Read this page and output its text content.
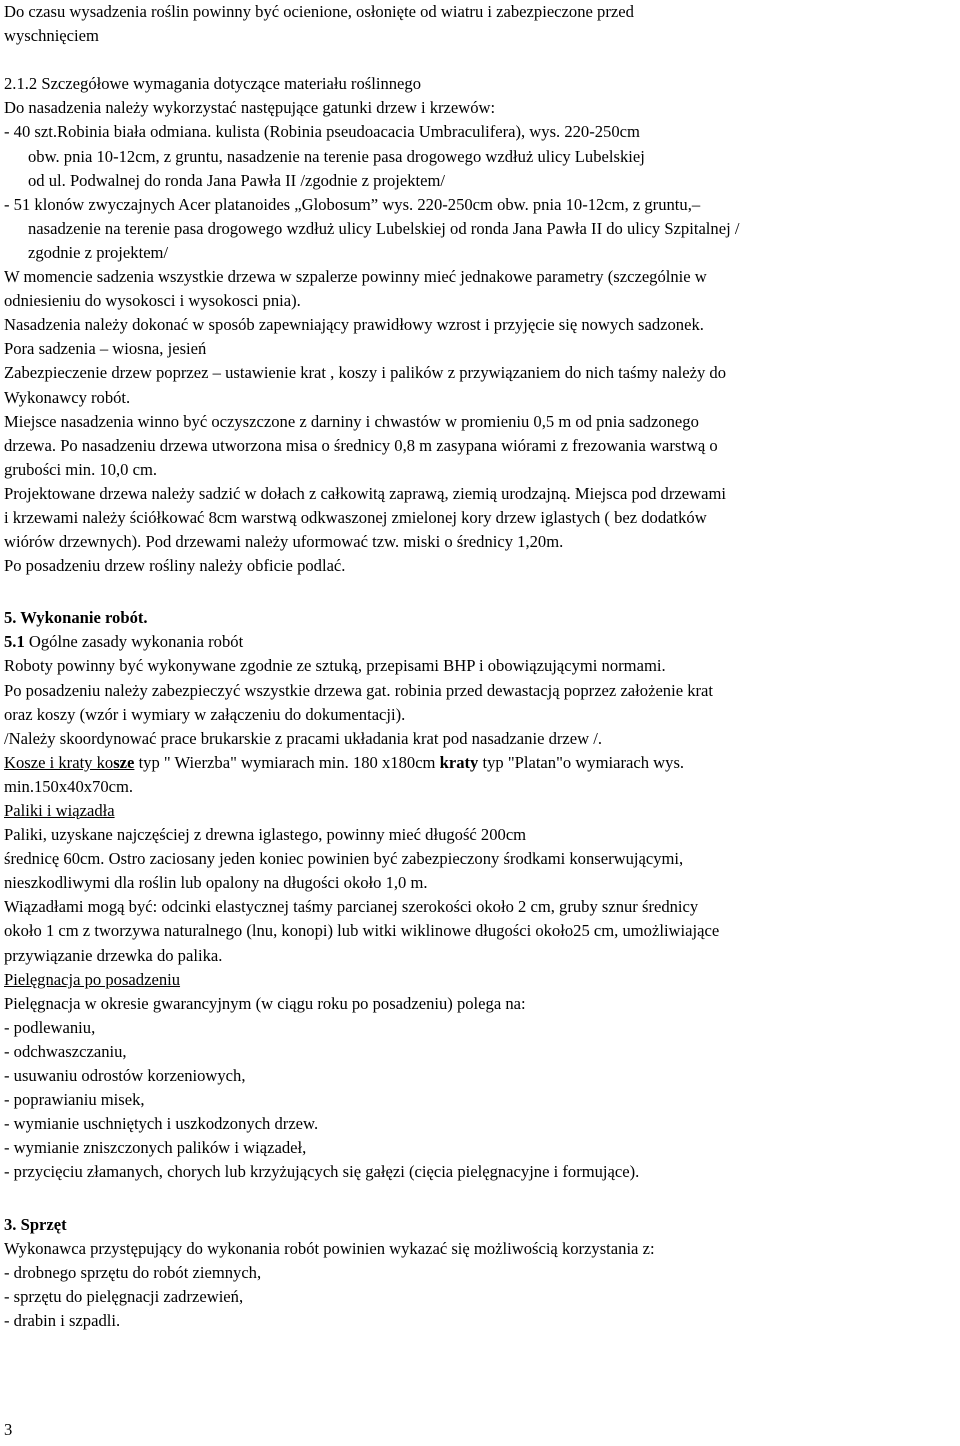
Do czasu wysadzenia roślin powinny być ocienione, osłonięte od wiatru i zabezpieczone przed
wyschnięciem
2.1.2 Szczegółowe wymagania dotyczące materiału roślinnego
Do nasadzenia należy wykorzystać następujące gatunki drzew i krzewów:
- 40 szt.Robinia biała odmiana. kulista (Robinia pseudoacacia Umbraculifera), wys. 220-250cm
obw. pnia 10-12cm, z gruntu, nasadzenie na terenie pasa drogowego wzdłuż ulicy Lubelskiej
od ul. Podwalnej do ronda Jana Pawła II /zgodnie z projektem/
- 51 klonów zwyczajnych Acer platanoides „Globosum” wys. 220-250cm obw. pnia 10-12cm, z gruntu,–
nasadzenie na terenie pasa drogowego wzdłuż ulicy Lubelskiej od ronda Jana Pawła II do ulicy Szpitalnej /
zgodnie z projektem/
W momencie sadzenia wszystkie drzewa w szpalerze powinny mieć jednakowe parametry (szczególnie w
odniesieniu do wysokosci i wysokosci pnia).
Nasadzenia należy dokonać w sposób zapewniający prawidłowy wzrost i przyjęcie się nowych sadzonek.
Pora sadzenia – wiosna, jesień
Zabezpieczenie drzew poprzez – ustawienie krat , koszy i palików z przywiązaniem do nich taśmy należy do
Wykonawcy robót.
Miejsce nasadzenia winno być oczyszczone z darniny i chwastów w promieniu 0,5 m od pnia sadzonego
drzewa. Po nasadzeniu drzewa utworzona misa o średnicy 0,8 m zasypana wiórami z frezowania warstwą o
grubości min. 10,0 cm.
Projektowane drzewa należy sadzić w dołach z całkowitą zaprawą, ziemią urodzajną. Miejsca pod drzewami
i krzewami należy ściółkować 8cm warstwą odkwaszonej zmielonej kory drzew iglastych ( bez dodatków
wiórów drzewnych). Pod drzewami należy uformować tzw. miski o średnicy 1,20m.
Po posadzeniu drzew rośliny należy obficie podlać.
5. Wykonanie robót.
5.1 Ogólne zasady wykonania robót
Roboty powinny być wykonywane zgodnie ze sztuką, przepisami BHP i obowiązującymi normami.
Po posadzeniu należy zabezpieczyć wszystkie drzewa gat. robinia przed dewastacją poprzez założenie krat
oraz koszy (wzór i wymiary w załączeniu do dokumentacji).
/Należy skoordynować prace brukarskie z pracami układania krat pod nasadzanie drzew /.
Kosze i kraty kosze typ " Wierzba" wymiarach min. 180 x180cm kraty typ "Platan"o wymiarach wys.
min.150x40x70cm.
Paliki i wiązadła
Paliki, uzyskane najczęściej z drewna iglastego, powinny mieć długość 200cm
średnicę 60cm. Ostro zaciosany jeden koniec powinien być zabezpieczony środkami konserwującymi,
nieszkodliwymi dla roślin lub opalony na długości około 1,0 m.
Wiązadłami mogą być: odcinki elastycznej taśmy parcianej szerokości około 2 cm, gruby sznur średnicy
około 1 cm z tworzywa naturalnego (lnu, konopi) lub witki wiklinowe długości około25 cm, umożliwiające
przywiązanie drzewka do palika.
Pielęgnacja po posadzeniu
Pielęgnacja w okresie gwarancyjnym (w ciągu roku po posadzeniu) polega na:
- podlewaniu,
- odchwaszczaniu,
- usuwaniu odrostów korzeniowych,
- poprawianiu misek,
- wymianie uschniętych i uszkodzonych drzew.
- wymianie zniszczonych palików i wiązadeł,
- przycięciu złamanych, chorych lub krzyżujących się gałęzi (cięcia pielęgnacyjne i formujące).
3. Sprzęt
Wykonawca przystępujący do wykonania robót powinien wykazać się możliwością korzystania z:
- drobnego sprzętu do robót ziemnych,
- sprzętu do pielęgnacji zadrzewień,
- drabin i szpadli.
3
